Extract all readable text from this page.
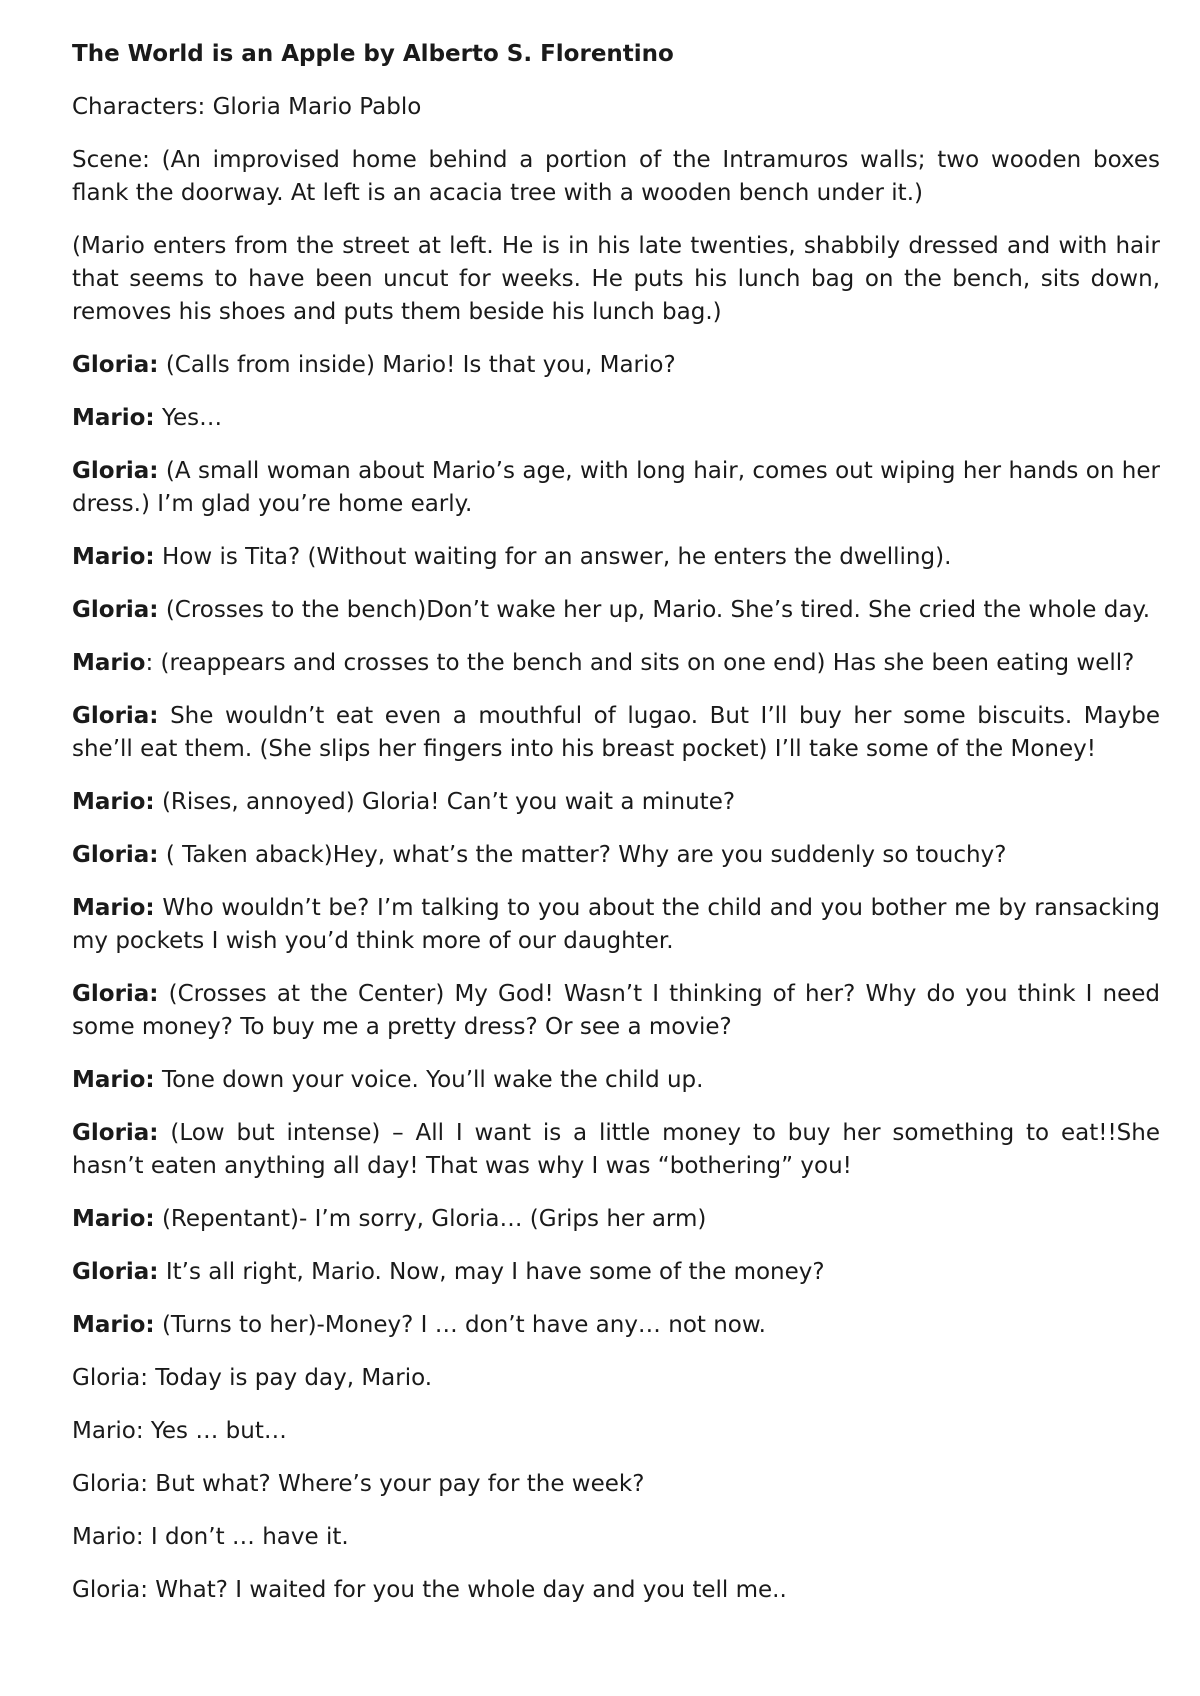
The World is an Apple by Alberto S. Florentino

Characters: Gloria Mario Pablo

Scene: (An improvised home behind a portion of the Intramuros walls; two wooden boxes flank the doorway. At left is an acacia tree with a wooden bench under it.)

(Mario enters from the street at left. He is in his late twenties, shabbily dressed and with hair that seems to have been uncut for weeks. He puts his lunch bag on the bench, sits down, removes his shoes and puts them beside his lunch bag.)

Gloria: (Calls from inside) Mario! Is that you, Mario?

Mario: Yes…

Gloria: (A small woman about Mario’s age, with long hair, comes out wiping her hands on her dress.) I’m glad you’re home early.

Mario: How is Tita? (Without waiting for an answer, he enters the dwelling).

Gloria: (Crosses to the bench)Don’t wake her up, Mario. She’s tired. She cried the whole day.

Mario: (reappears and crosses to the bench and sits on one end) Has she been eating well?

Gloria: She wouldn’t eat even a mouthful of lugao. But I’ll buy her some biscuits. Maybe she’ll eat them. (She slips her fingers into his breast pocket) I’ll take some of the Money!

Mario: (Rises, annoyed) Gloria! Can’t you wait a minute?

Gloria: ( Taken aback)Hey, what’s the matter? Why are you suddenly so touchy?

Mario: Who wouldn’t be? I’m talking to you about the child and you bother me by ransacking my pockets I wish you’d think more of our daughter.

Gloria: (Crosses at the Center) My God! Wasn’t I thinking of her? Why do you think I need some money? To buy me a pretty dress? Or see a movie?

Mario: Tone down your voice. You’ll wake the child up.

Gloria: (Low but intense) – All I want is a little money to buy her something to eat!!She hasn’t eaten anything all day! That was why I was “bothering” you!

Mario: (Repentant)- I’m sorry, Gloria… (Grips her arm)

Gloria: It’s all right, Mario. Now, may I have some of the money?

Mario: (Turns to her)-Money? I … don’t have any… not now.

Gloria: Today is pay day, Mario.

Mario: Yes … but…

Gloria: But what? Where’s your pay for the week?

Mario: I don’t … have it.

Gloria: What? I waited for you the whole day and you tell me..
